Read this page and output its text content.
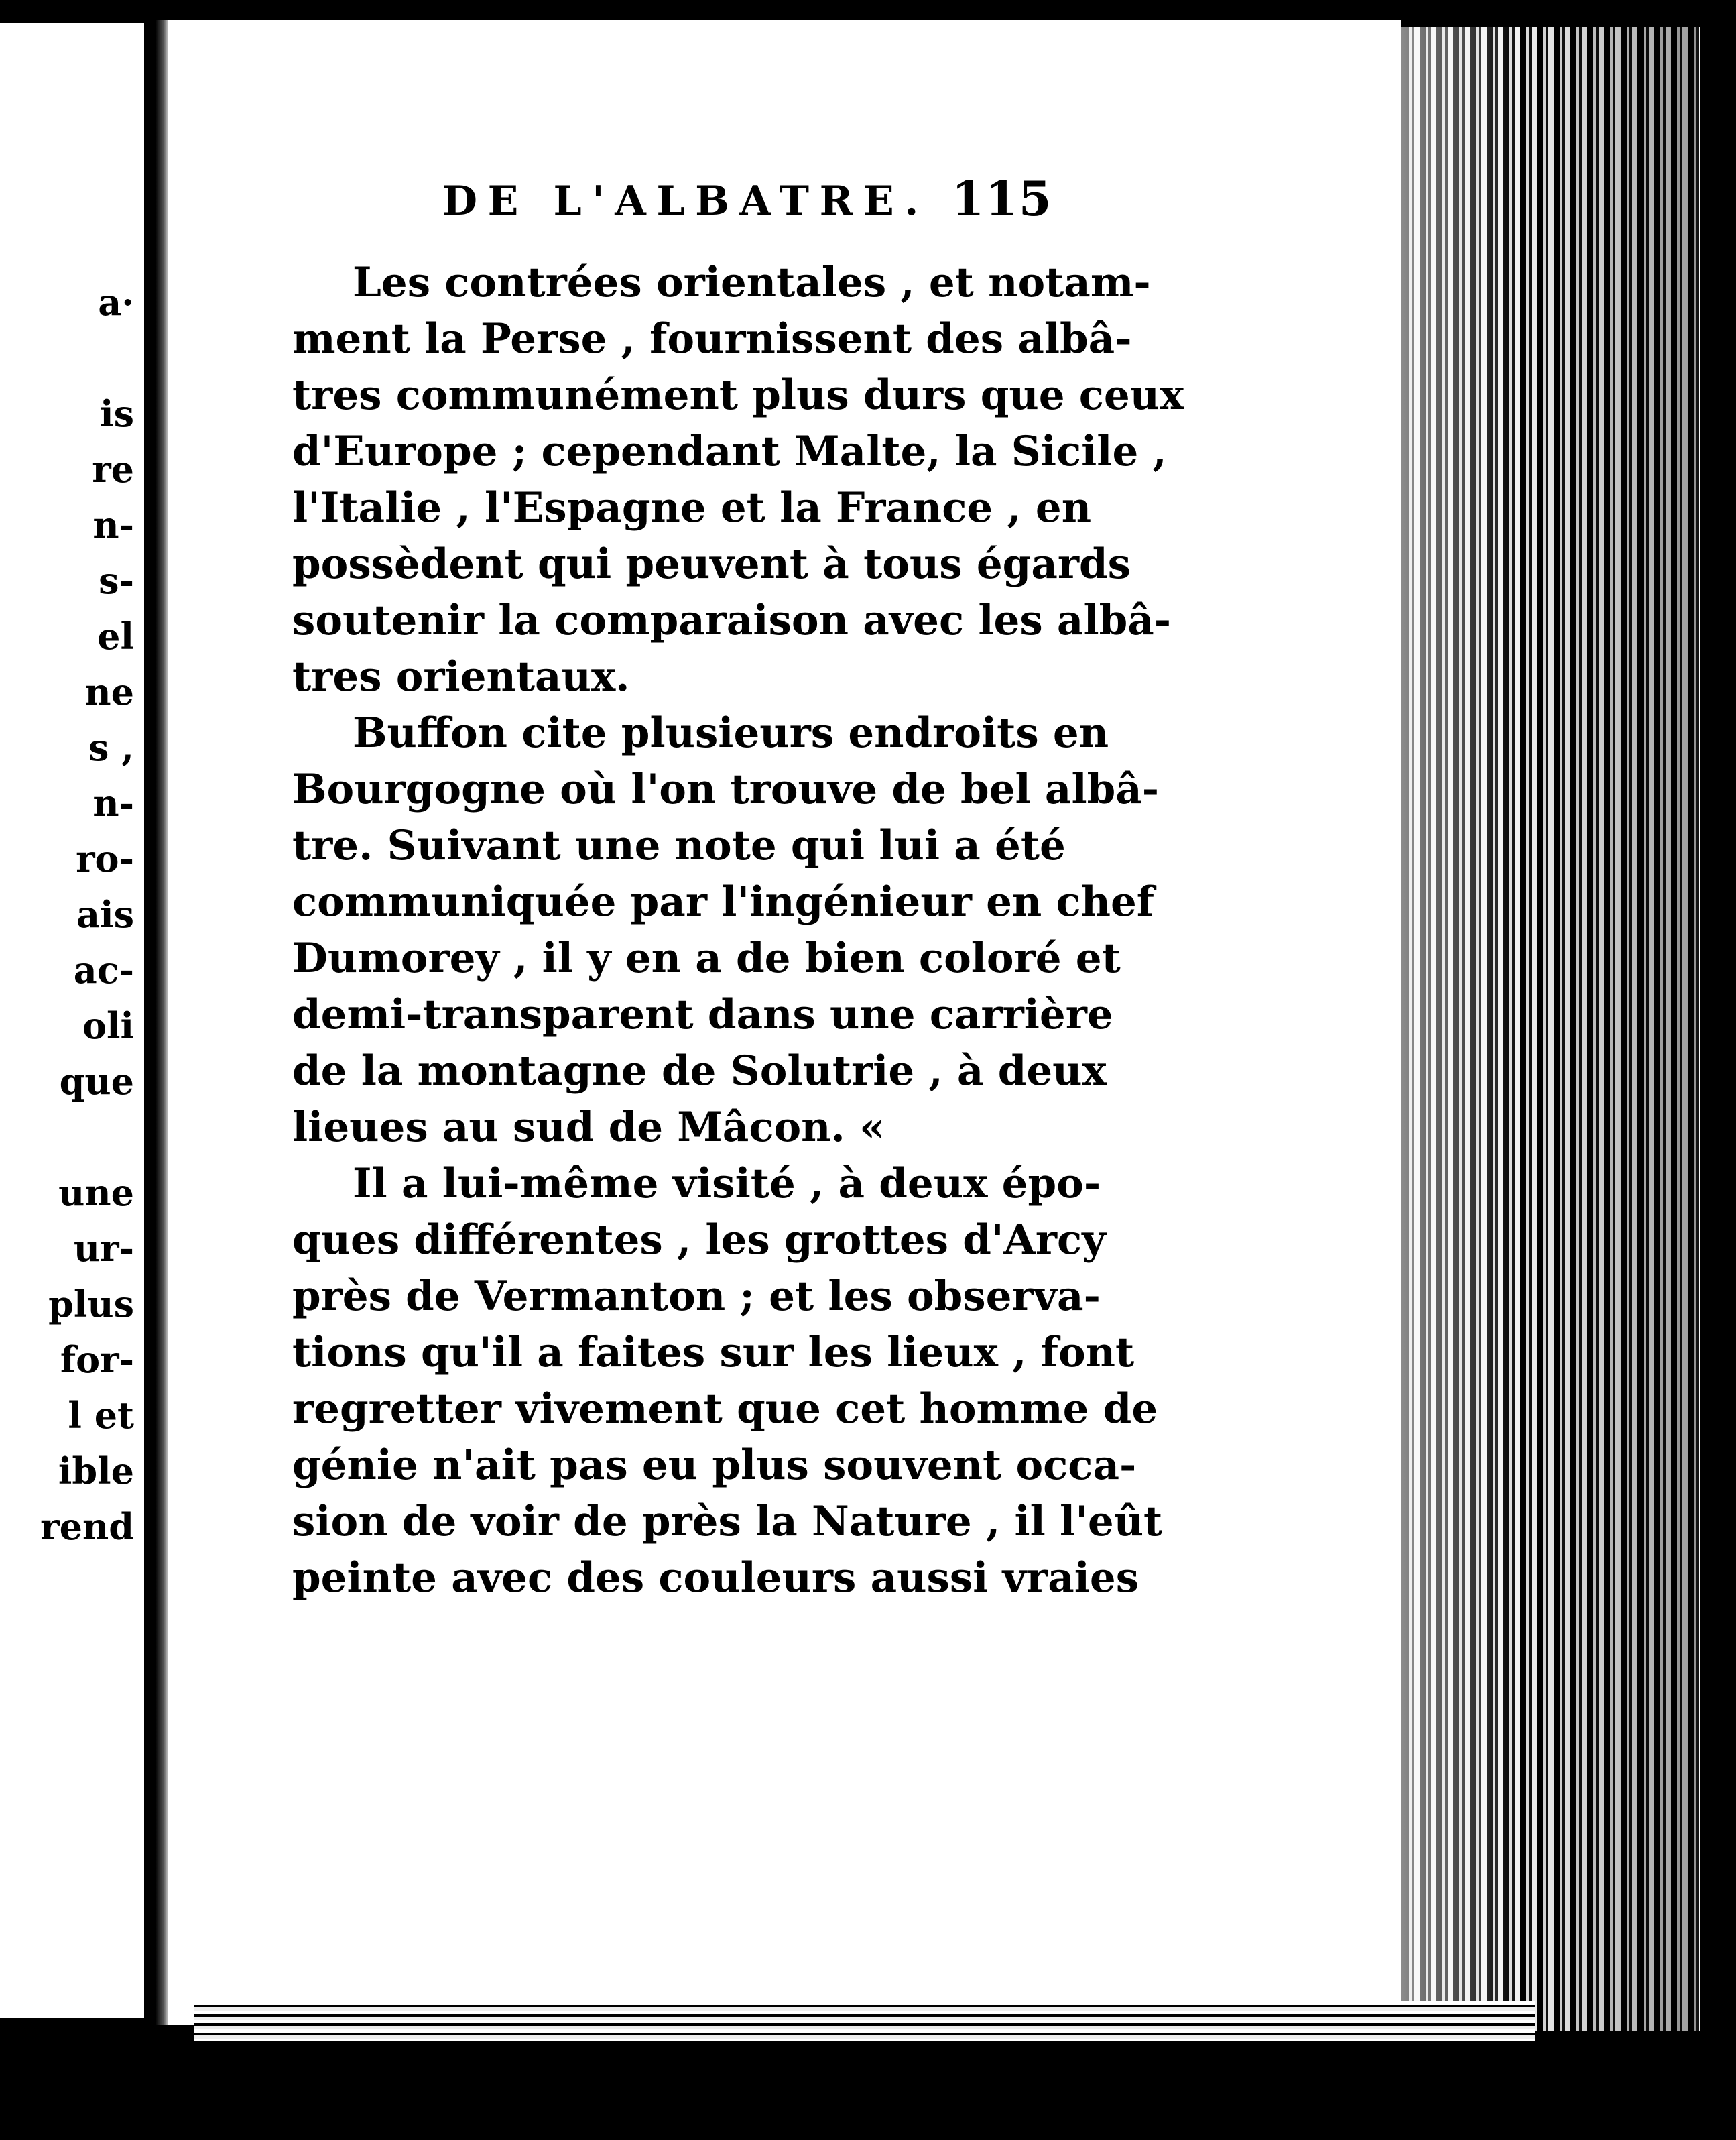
a·
is
re
n-
s-
el
ne
s ,
n-
ro-
ais
ac-
oli
que
une
ur-
plus
for-
l et
ible
rend
DE L'ALBATRE. 115
Les contrées orientales , et notam-
ment la Perse , fournissent des albâ-
tres communément plus durs que ceux
d'Europe ; cependant Malte, la Sicile ,
l'Italie , l'Espagne et la France , en
possèdent qui peuvent à tous égards
soutenir la comparaison avec les albâ-
tres orientaux.
Buffon cite plusieurs endroits en
Bourgogne où l'on trouve de bel albâ-
tre. Suivant une note qui lui a été
communiquée par l'ingénieur en chef
Dumorey , il y en a de bien coloré et
demi-transparent dans une carrière
de la montagne de Solutrie , à deux
lieues au sud de Mâcon. «
Il a lui-même visité , à deux épo-
ques différentes , les grottes d'Arcy
près de Vermanton ; et les observa-
tions qu'il a faites sur les lieux , font
regretter vivement que cet homme de
génie n'ait pas eu plus souvent occa-
sion de voir de près la Nature , il l'eût
peinte avec des couleurs aussi vraies
